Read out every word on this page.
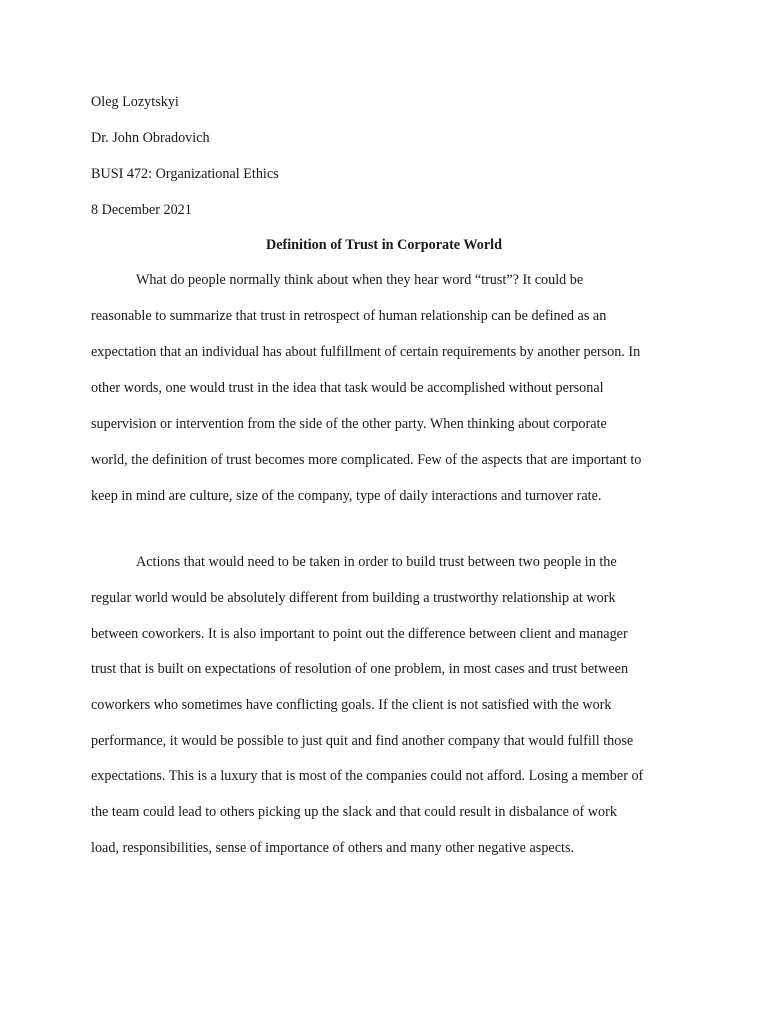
Oleg Lozytskyi
Dr. John Obradovich
BUSI 472: Organizational Ethics
8 December 2021
Definition of Trust in Corporate World
What do people normally think about when they hear word “trust”? It could be
reasonable to summarize that trust in retrospect of human relationship can be defined as an
expectation that an individual has about fulfillment of certain requirements by another person. In
other words, one would trust in the idea that task would be accomplished without personal
supervision or intervention from the side of the other party. When thinking about corporate
world, the definition of trust becomes more complicated. Few of the aspects that are important to
keep in mind are culture, size of the company, type of daily interactions and turnover rate.
Actions that would need to be taken in order to build trust between two people in the
regular world would be absolutely different from building a trustworthy relationship at work
between coworkers. It is also important to point out the difference between client and manager
trust that is built on expectations of resolution of one problem, in most cases and trust between
coworkers who sometimes have conflicting goals. If the client is not satisfied with the work
performance, it would be possible to just quit and find another company that would fulfill those
expectations. This is a luxury that is most of the companies could not afford. Losing a member of
the team could lead to others picking up the slack and that could result in disbalance of work
load, responsibilities, sense of importance of others and many other negative aspects.
